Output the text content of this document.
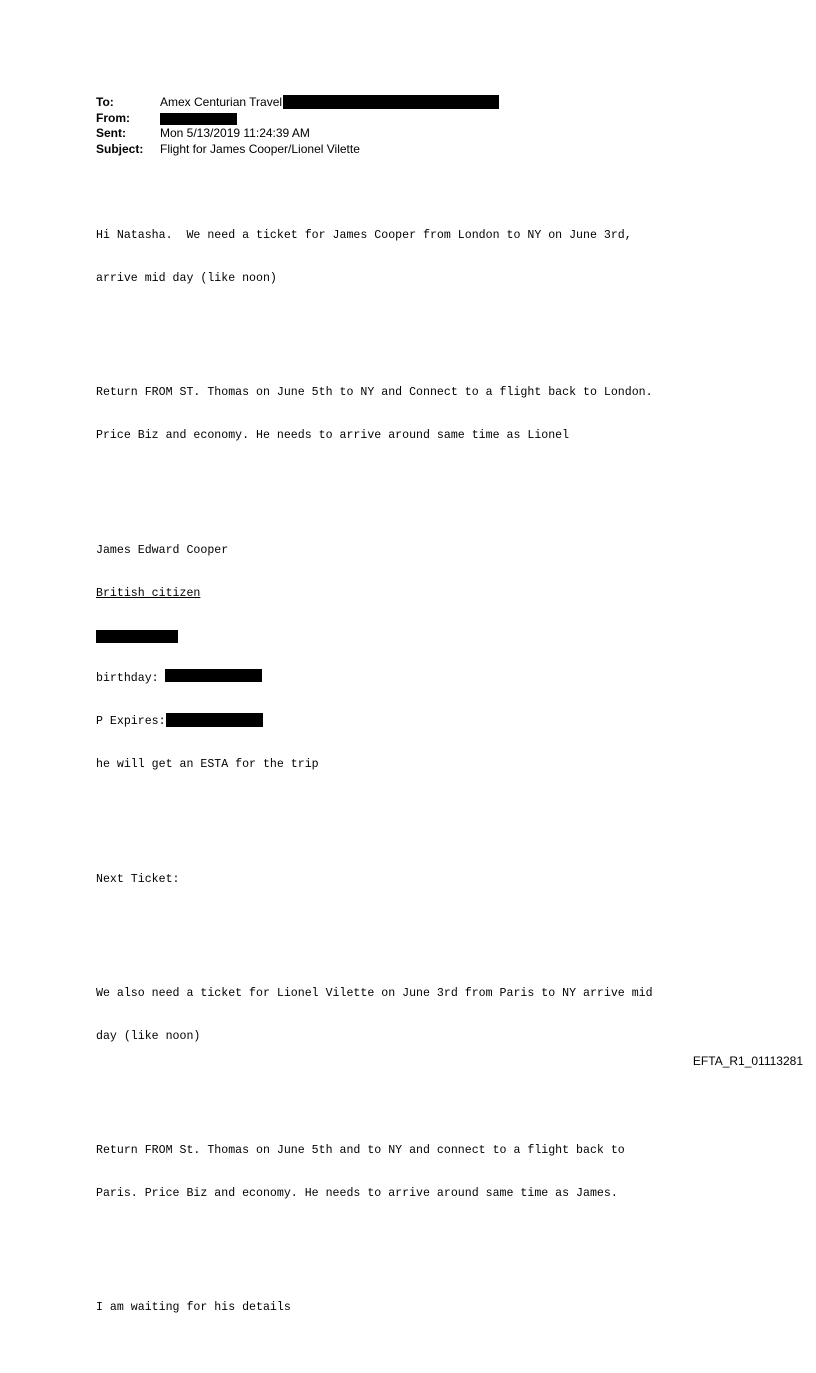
To:	Amex Centurian Travel
From:
Sent:	Mon 5/13/2019 11:24:39 AM
Subject:	Flight for James Cooper/Lionel Vilette

Hi Natasha.  We need a ticket for James Cooper from London to NY on June 3rd,

arrive mid day (like noon)

Return FROM ST. Thomas on June 5th to NY and Connect to a flight back to London.

Price Biz and economy. He needs to arrive around same time as Lionel

James Edward Cooper

British citizen

birthday:

P Expires:

he will get an ESTA for the trip

Next Ticket:

We also need a ticket for Lionel Vilette on June 3rd from Paris to NY arrive mid

day (like noon)

Return FROM St. Thomas on June 5th and to NY and connect to a flight back to

Paris. Price Biz and economy. He needs to arrive around same time as James.

I am waiting for his details

EFTA_R1_01113281
